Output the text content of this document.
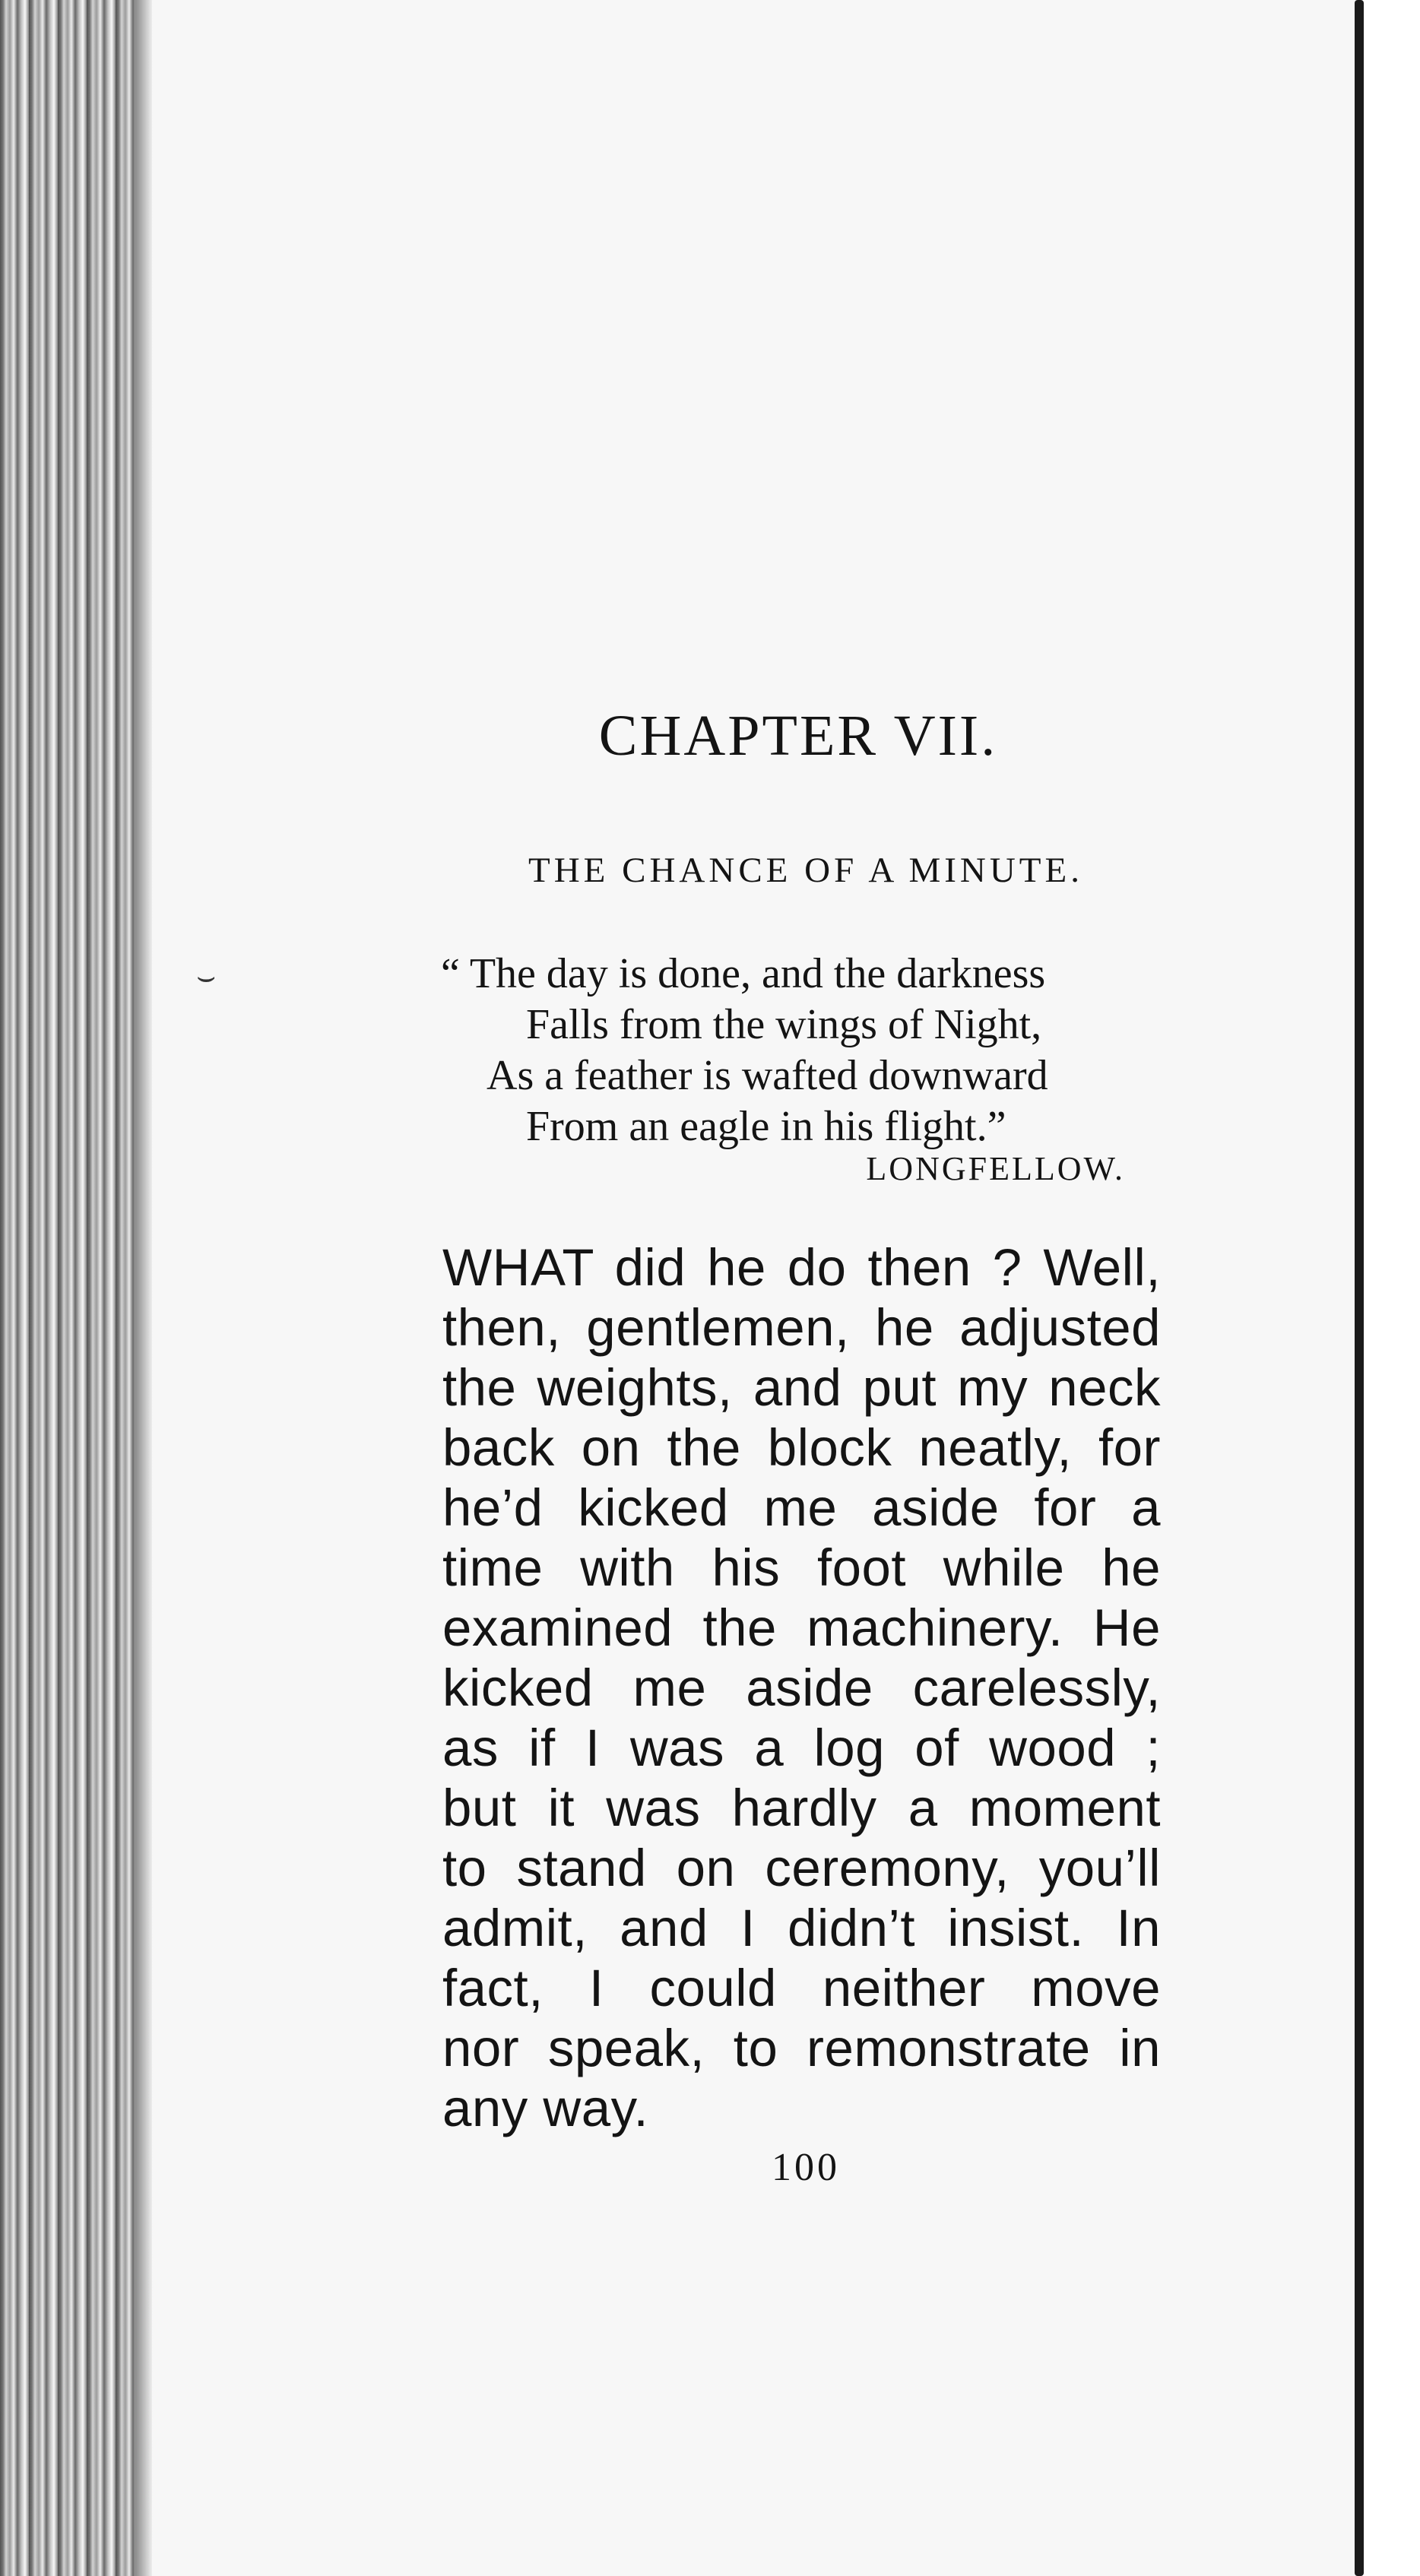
⌣
CHAPTER VII.
THE CHANCE OF A MINUTE.
“ The day is done, and the darkness
Falls from the wings of Night,
As a feather is wafted downward
From an eagle in his flight.”
LONGFELLOW.
WHAT did he do then ? Well,
then, gentlemen, he adjusted
the weights, and put my neck
back on the block neatly, for
he’d kicked me aside for a
time with his foot while he
examined the machinery. He
kicked me aside carelessly,
as if I was a log of wood ;
but it was hardly a moment
to stand on ceremony, you’ll
admit, and I didn’t insist. In
fact, I could neither move
nor speak, to remonstrate in
any way.
100
